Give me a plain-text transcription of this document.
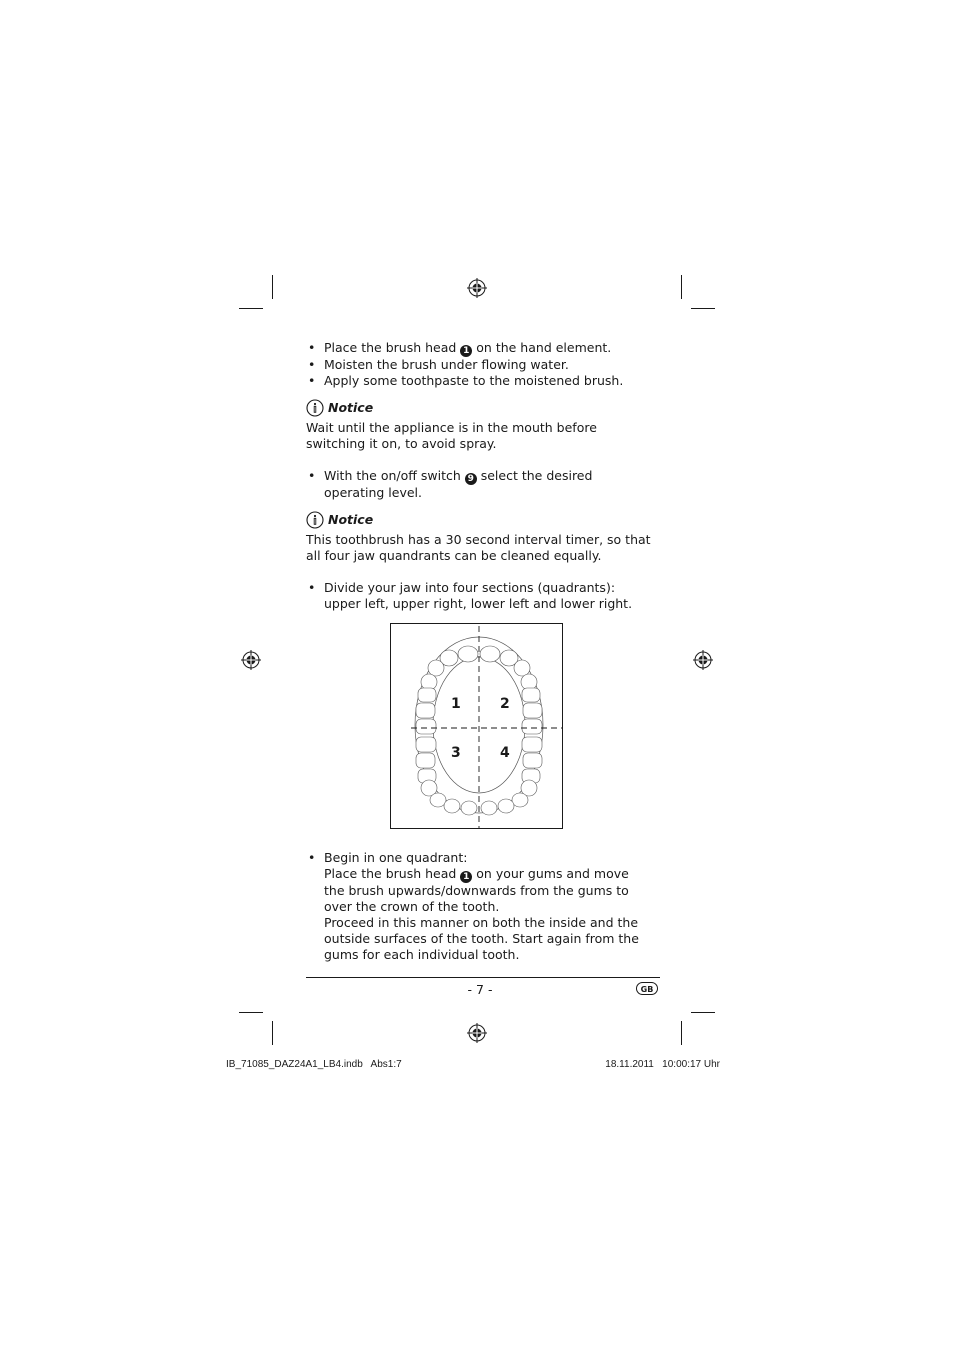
• Place the brush head 1 on the hand element.
• Moisten the brush under flowing water.
• Apply some toothpaste to the moistened brush.
Notice

Wait until the appliance is in the mouth before switching it on, to avoid spray.

• With the on/off switch 9 select the desired operating level.
Notice

This toothbrush has a 30 second interval timer, so that all four jaw quandrants can be cleaned equally.

• Divide your jaw into four sections (quadrants): upper left, upper right, lower left and lower right.
1	2
3	4
• Begin in one quadrant:
Place the brush head 1 on your gums and move the brush upwards/downwards from the gums to over the crown of the tooth.
Proceed in this manner on both the inside and the outside surfaces of the tooth. Start again from the gums for each individual tooth.
- 7 -	GB
IB_71085_DAZ24A1_LB4.indb   Abs1:7	18.11.2011   10:00:17 Uhr
